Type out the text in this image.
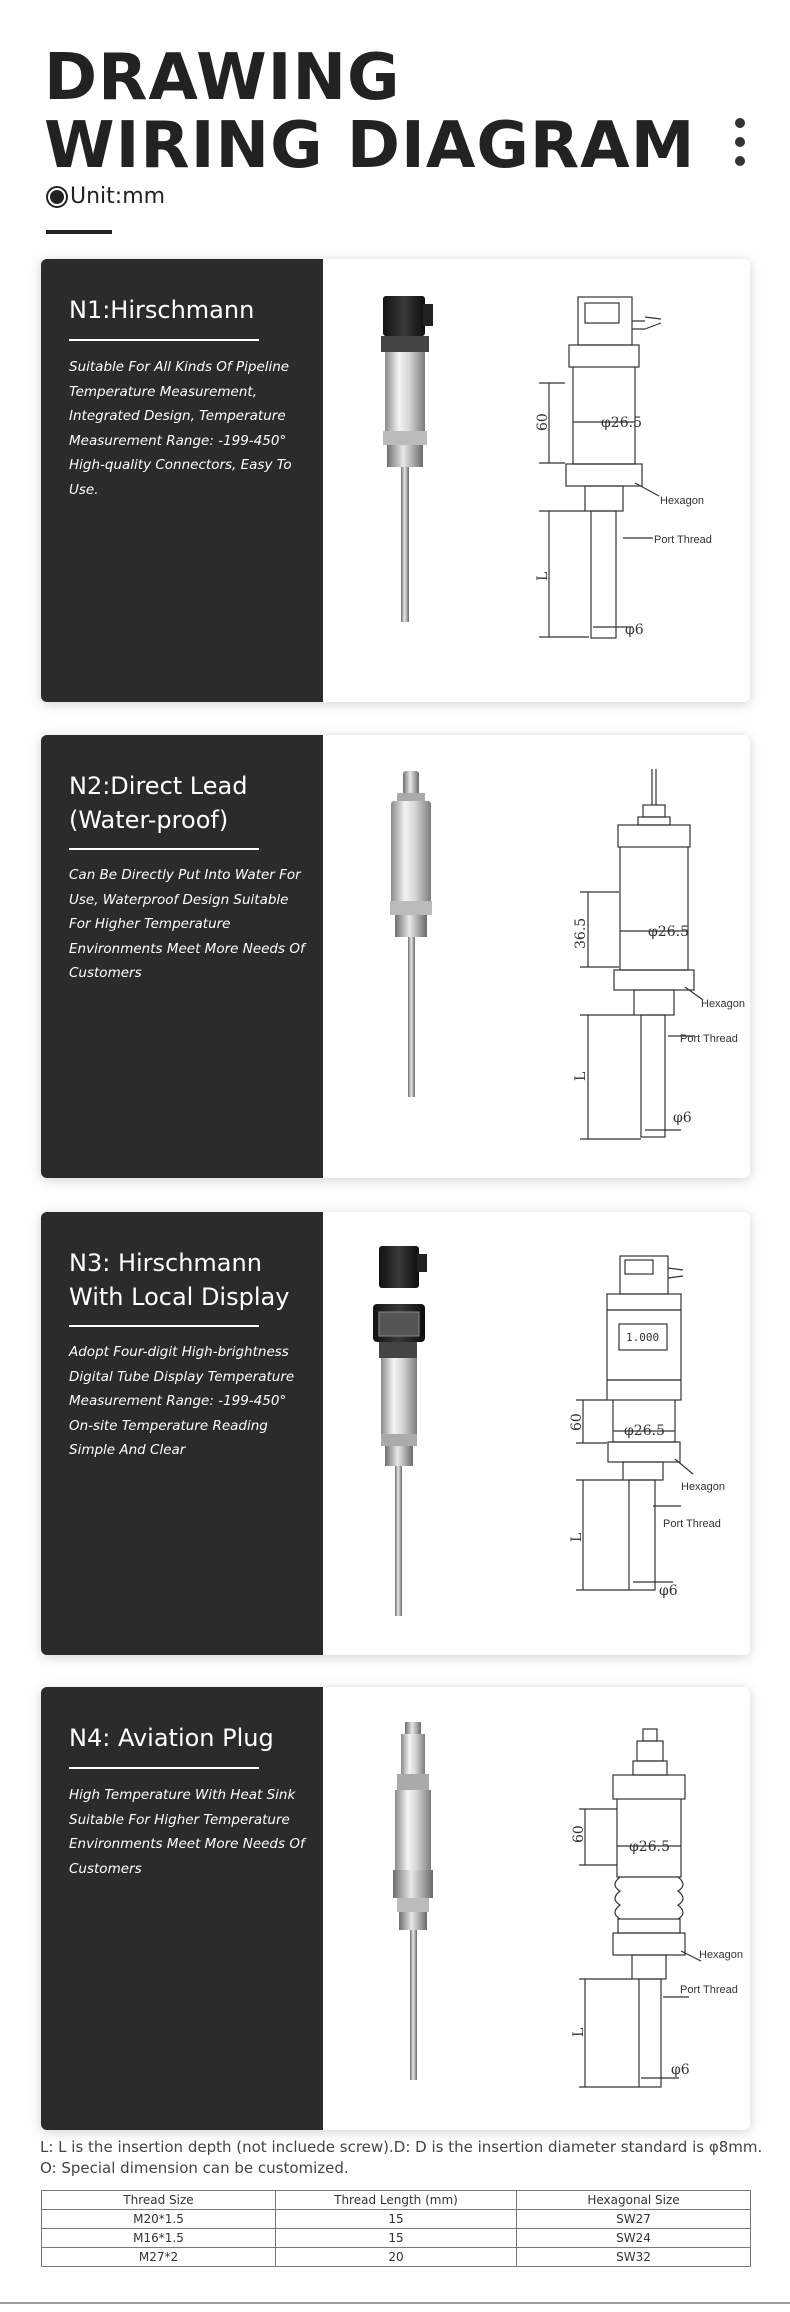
DRAWING
WIRING DIAGRAM
Unit:mm
N1:Hirschmann
Suitable For All Kinds Of Pipeline Temperature Measurement, Integrated Design, Temperature Measurement Range: -199-450° High-quality Connectors, Easy To Use.
φ26.5
φ6
60
L
Hexagon
Port Thread
N2:Direct Lead (Water-proof)
Can Be Directly Put Into Water For Use, Waterproof Design Suitable For Higher Temperature Environments Meet More Needs Of Customers
φ26.5
φ6
36.5
L
Hexagon
Port Thread
N3: Hirschmann With Local Display
Adopt Four-digit High-brightness Digital Tube Display Temperature Measurement Range: -199-450° On-site Temperature Reading Simple And Clear
1.000
φ26.5
φ6
60
L
Hexagon
Port Thread
N4: Aviation Plug
High Temperature With Heat Sink Suitable For Higher Temperature Environments Meet More Needs Of Customers
φ26.5
φ6
60
L
Hexagon
Port Thread
L: L is the insertion depth (not incluede screw).D: D is the insertion diameter standard is φ8mm.
O: Special dimension can be customized.
Thread Size	Thread Length (mm)	Hexagonal Size
M20*1.5	15	SW27
M16*1.5	15	SW24
M27*2	20	SW32
